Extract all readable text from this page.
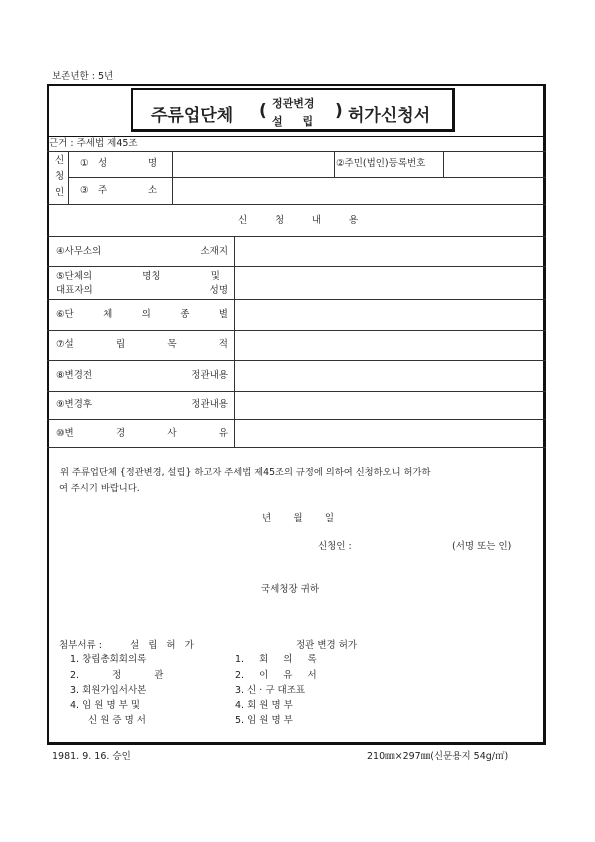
보존년한 : 5년
주류업단체 ( 정관변경
설 립
) 허가신청서
근거 : 주세법 제45조
신
청
인
① 성	명	②주민(법인)등록번호
③ 주	소
신	청	내	용
④사무소의	소재지
⑤단체의	명칭	및
대표자의	성명
⑥단	체	의	종	별
⑦설	립	목	적
⑧변경전	정관내용
⑨변경후	정관내용
⑩변	경	사	유
위 주류업단체 {정관변경, 설립} 하고자 주세법 제45조의 규정에 의하여 신청하오니 허가하
여 주시기 바랍니다.
년 월 일
신청인 :	(서명 또는 인)
국세청장 귀하
첨부서류 :	설 립 허 가	정관 변경 허가
1. 창립총회회의록
2. 정 관
3. 회원가입서사본
4. 임 원 명 부 및
신 원 증 명 서
1. 회 의 록
2. 이 유 서
3. 신 · 구 대조표
4. 회 원 명 부
5. 임 원 명 부
1981. 9. 16. 승인	210㎜×297㎜(신문용지 54g/㎡)
